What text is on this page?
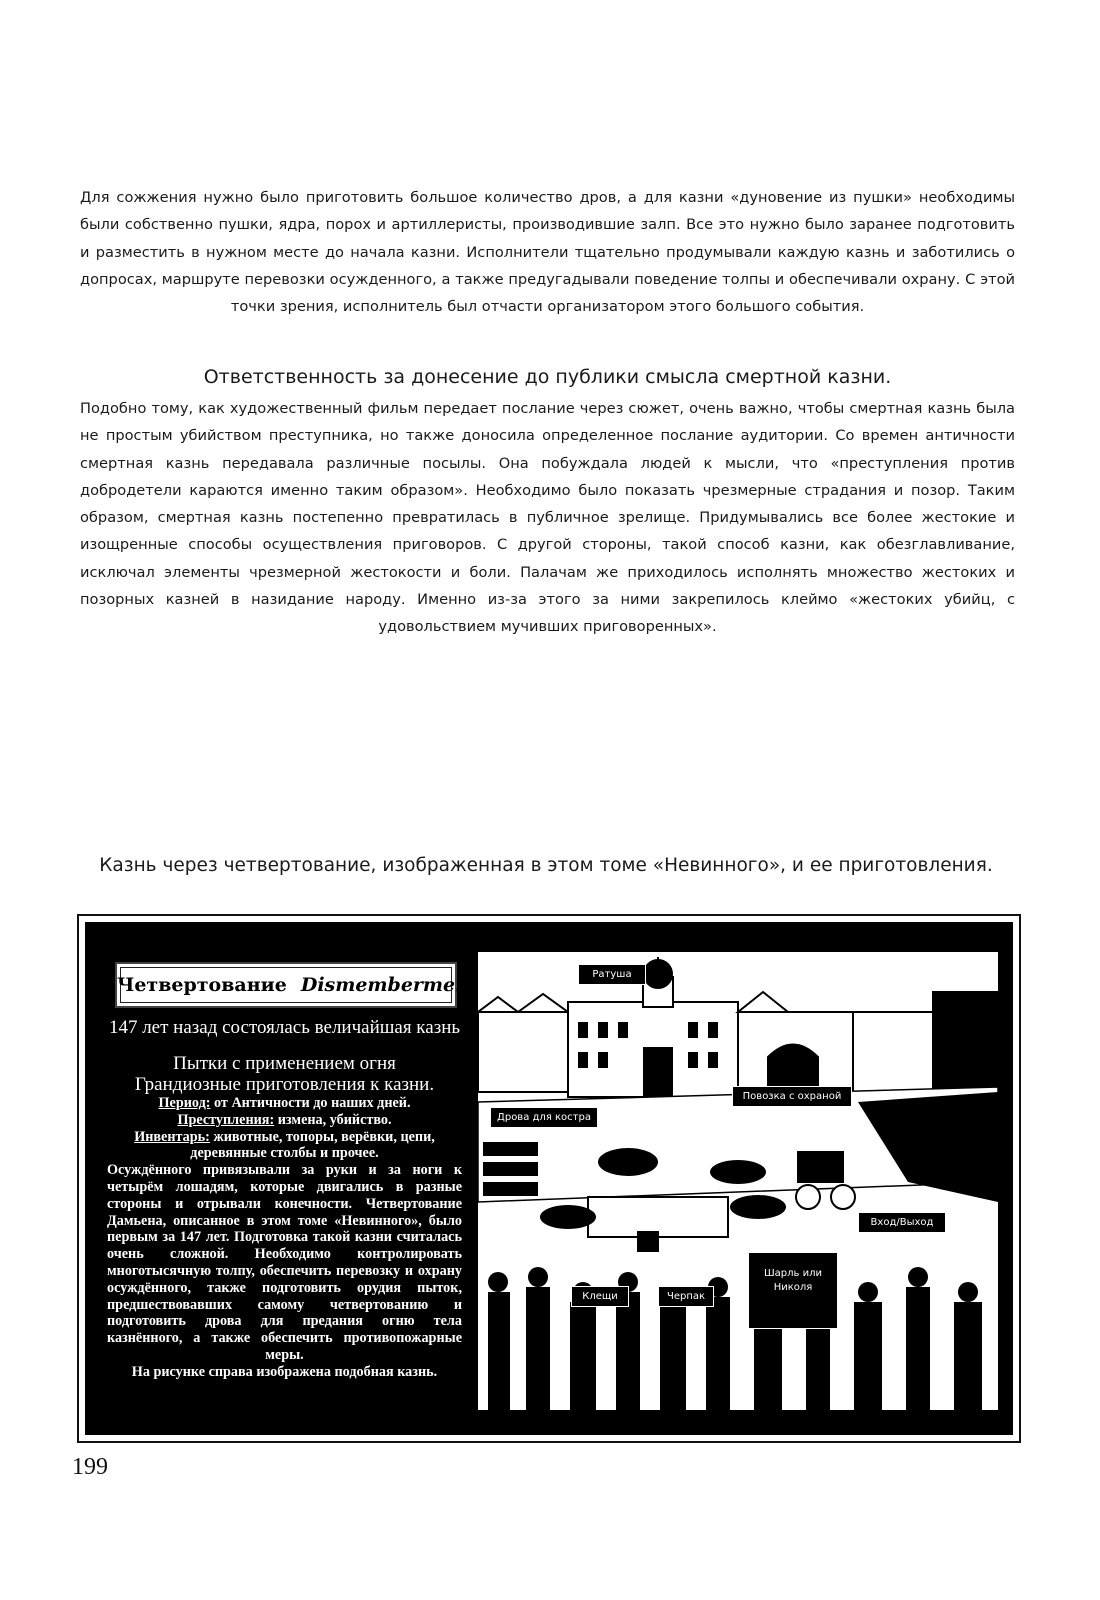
Для сожжения нужно было приготовить большое количество дров, а для казни «дуновение из пушки» необходимы были собственно пушки, ядра, порох и артиллеристы, производившие залп. Все это нужно было заранее подготовить и разместить в нужном месте до начала казни. Исполнители тщательно продумывали каждую казнь и заботились о допросах, маршруте перевозки осужденного, а также предугадывали поведение толпы и обеспечивали охрану. С этой точки зрения, исполнитель был отчасти организатором этого большого события.

Ответственность за донесение до публики смысла смертной казни.

Подобно тому, как художественный фильм передает послание через сюжет, очень важно, чтобы смертная казнь была не простым убийством преступника, но также доносила определенное послание аудитории. Со времен античности смертная казнь передавала различные посылы. Она побуждала людей к мысли, что «преступления против добродетели караются именно таким образом». Необходимо было показать чрезмерные страдания и позор. Таким образом, смертная казнь постепенно превратилась в публичное зрелище. Придумывались все более жестокие и изощренные способы осуществления приговоров. С другой стороны, такой способ казни, как обезглавливание, исключал элементы чрезмерной жестокости и боли. Палачам же приходилось исполнять множество жестоких и позорных казней в назидание народу. Именно из-за этого за ними закрепилось клеймо «жестоких убийц, с удовольствием мучивших приговоренных».

Казнь через четвертование, изображенная в этом томе «Невинного», и ее приготовления.
Четвертование Dismemberment
147 лет назад состоялась величайшая казнь
Пытки с применением огня
Грандиозные приготовления к казни.
Период: от Античности до наших дней.
Преступления: измена, убийство.
Инвентарь: животные, топоры, верёвки, цепи, деревянные столбы и прочее.

Осуждённого привязывали за руки и за ноги к четырём лошадям, которые двигались в разные стороны и отрывали конечности. Четвертование Дамьена, описанное в этом томе «Невинного», было первым за 147 лет. Подготовка такой казни считалась очень сложной. Необходимо контролировать многотысячную толпу, обеспечить перевозку и охрану осуждённого, также подготовить орудия пыток, предшествовавших самому четвертованию и подготовить дрова для предания огню тела казнённого, а также обеспечить противопожарные меры.

На рисунке справа изображена подобная казнь.
Ратуша
Повозка с охраной
Дрова для костра
Вход/Выход
Шарль или Николя
Клещи	Черпак
199
